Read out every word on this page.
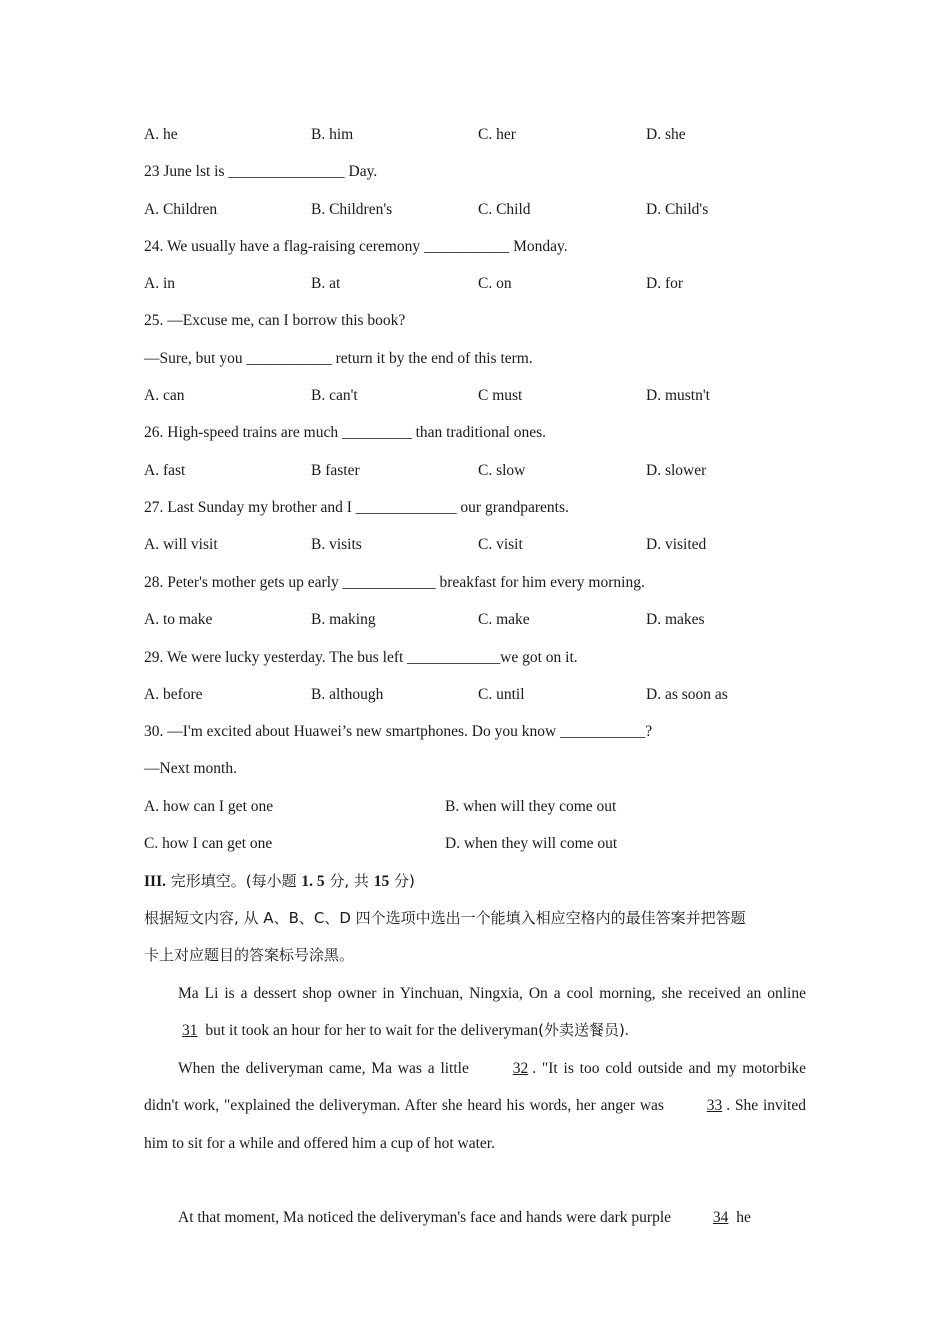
A. he	B. him	C. her	D. she
23 June lst is _______________ Day.
A. Children	B. Children's	C. Child	D. Child's
24. We usually have a flag-raising ceremony ___________ Monday.
A. in	B. at	C. on	D. for
25. —Excuse me, can I borrow this book?
—Sure, but you ___________ return it by the end of this term.
A. can	B. can't	C must	D. mustn't
26. High-speed trains are much _________ than traditional ones.
A. fast	B faster	C. slow	D. slower
27. Last Sunday my brother and I _____________ our grandparents.
A. will visit	B. visits	C. visit	D. visited
28. Peter's mother gets up early ____________ breakfast for him every morning.
A. to make	B. making	C. make	D. makes
29. We were lucky yesterday. The bus left ____________we got on it.
A. before	B. although	C. until	D. as soon as
30. —I'm excited about Huawei’s new smartphones. Do you know ___________?
—Next month.
A. how can I get one	B. when will they come out
C. how I can get one	D. when they will come out
III. 完形填空。(每小题 1. 5 分, 共 15 分)
根据短文内容, 从 A、B、C、D 四个选项中选出一个能填入相应空格内的最佳答案并把答题
卡上对应题目的答案标号涂黑。
Ma Li is a dessert shop owner in Yinchuan, Ningxia, On a cool morning, she received an online 31 but it took an hour for her to wait for the deliveryman(外卖送餐员).
When the deliveryman came, Ma was a little 32 . "It is too cold outside and my motorbike didn't work, "explained the deliveryman. After she heard his words, her anger was 33 . She invited him to sit for a while and offered him a cup of hot water.
At that moment, Ma noticed the deliveryman's face and hands were dark purple 34 he
